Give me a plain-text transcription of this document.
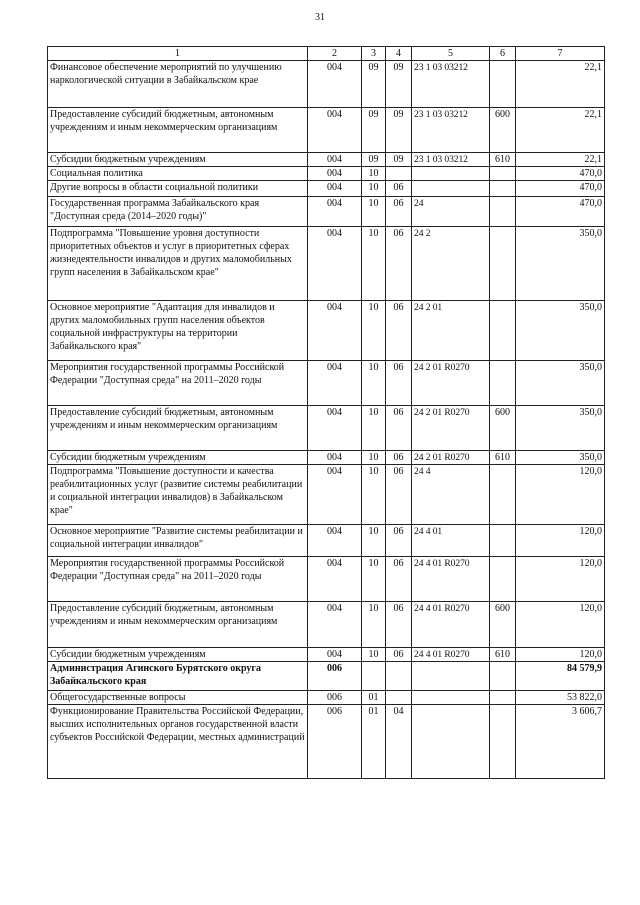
31
1	2	3	4	5	6	7
Финансовое обеспечение мероприятий по улучшению наркологической ситуации в Забайкальском крае	004	09	09	23 1 03 03212		22,1
Предоставление субсидий бюджетным, автономным учреждениям и иным некоммерческим организациям	004	09	09	23 1 03 03212	600	22,1
Субсидии бюджетным учреждениям	004	09	09	23 1 03 03212	610	22,1
Социальная политика	004	10				470,0
Другие вопросы в области социальной политики	004	10	06			470,0
Государственная программа Забайкальского края "Доступная среда (2014–2020 годы)"	004	10	06	24		470,0
Подпрограмма "Повышение уровня доступности приоритетных объектов и услуг в приоритетных сферах жизнедеятельности инвалидов и других маломобильных групп населения в Забайкальском крае"	004	10	06	24 2		350,0
Основное мероприятие "Адаптация для инвалидов и других маломобильных групп населения объектов социальной инфраструктуры на территории Забайкальского края"	004	10	06	24 2 01		350,0
Мероприятия государственной программы Российской Федерации "Доступная среда" на 2011–2020 годы	004	10	06	24 2 01 R0270		350,0
Предоставление субсидий бюджетным, автономным учреждениям и иным некоммерческим организациям	004	10	06	24 2 01 R0270	600	350,0
Субсидии бюджетным учреждениям	004	10	06	24 2 01 R0270	610	350,0
Подпрограмма "Повышение доступности и качества реабилитационных услуг (развитие системы реабилитации и социальной интеграции инвалидов) в Забайкальском крае"	004	10	06	24 4		120,0
Основное мероприятие "Развитие системы реабилитации и социальной интеграции инвалидов"	004	10	06	24 4 01		120,0
Мероприятия государственной программы Российской Федерации "Доступная среда" на 2011–2020 годы	004	10	06	24 4 01 R0270		120,0
Предоставление субсидий бюджетным, автономным учреждениям и иным некоммерческим организациям	004	10	06	24 4 01 R0270	600	120,0
Субсидии бюджетным учреждениям	004	10	06	24 4 01 R0270	610	120,0
Администрация Агинского Бурятского округа Забайкальского края	006					84 579,9
Общегосударственные вопросы	006	01				53 822,0
Функционирование Правительства Российской Федерации, высших исполнительных органов государственной власти субъектов Российской Федерации, местных администраций	006	01	04			3 606,7
